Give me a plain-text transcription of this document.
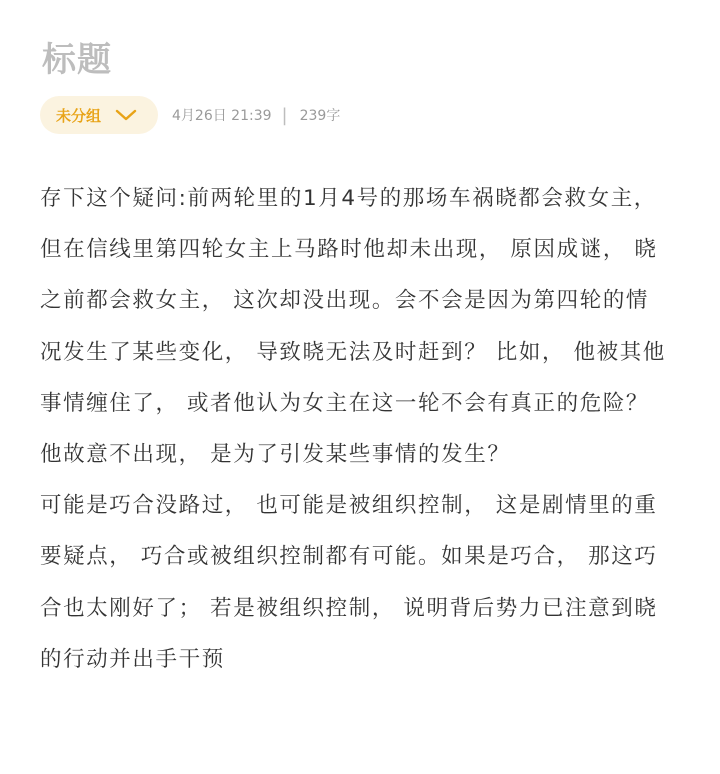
标题
未分组	4月26日 21:39 | 239字

存下这个疑问:前两轮里的1月4号的那场车祸晓都会救女主， 但在信线里第四轮女主上马路时他却未出现， 原因成谜， 晓之前都会救女主， 这次却没出现。会不会是因为第四轮的情况发生了某些变化， 导致晓无法及时赶到？ 比如， 他被其他事情缠住了， 或者他认为女主在这一轮不会有真正的危险？ 他故意不出现， 是为了引发某些事情的发生？

可能是巧合没路过， 也可能是被组织控制， 这是剧情里的重要疑点， 巧合或被组织控制都有可能。如果是巧合， 那这巧合也太刚好了； 若是被组织控制， 说明背后势力已注意到晓的行动并出手干预
